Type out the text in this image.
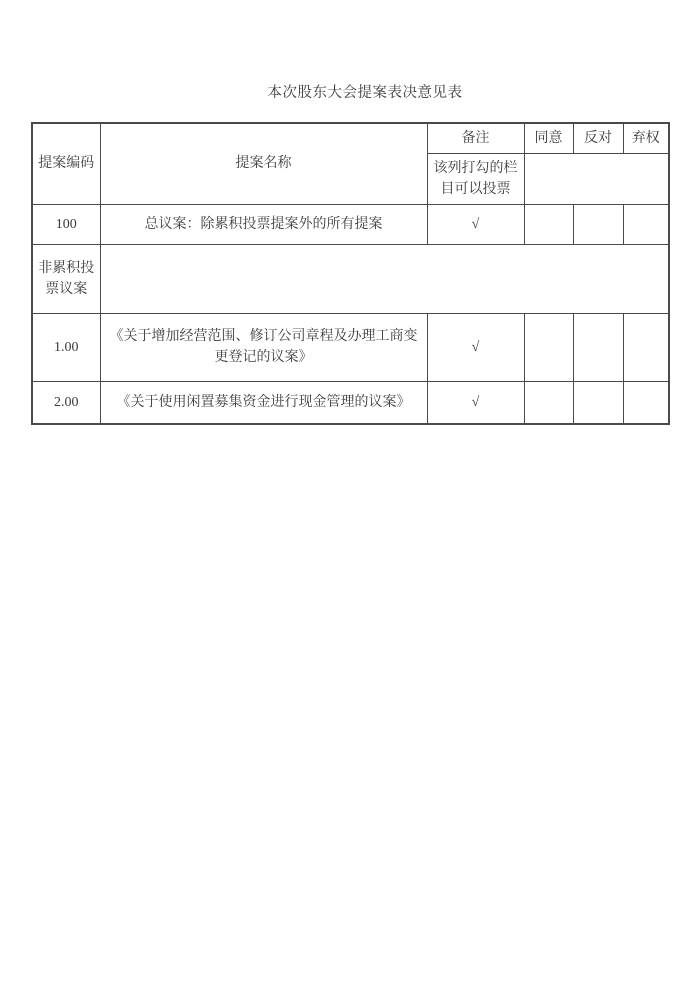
本次股东大会提案表决意见表
提案编码	提案名称	备注	同意	反对	弃权
		该列打勾的栏目可以投票			
100	总议案：除累积投票提案外的所有提案	√			
非累积投票议案					
1.00	《关于增加经营范围、修订公司章程及办理工商变更登记的议案》	√			
2.00	《关于使用闲置募集资金进行现金管理的议案》	√			
